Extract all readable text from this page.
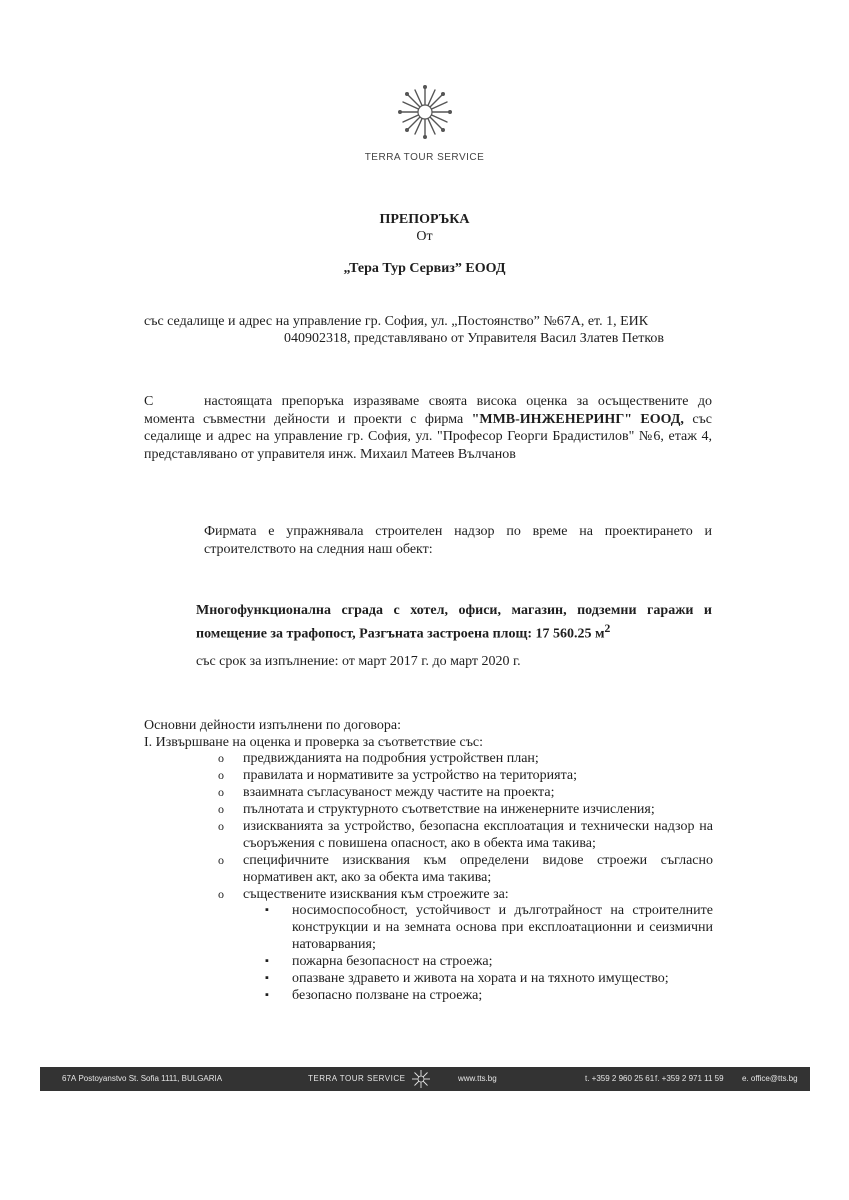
TERRA TOUR SERVICE
ПРЕПОРЪКА
От
„Тера Тур Сервиз” ЕООД
със седалище и адрес на управление гр. София, ул. „Постоянство” №67А, ет. 1, ЕИК
040902318, представлявано от Управителя Васил Златев Петков
С	настоящата препоръка изразяваме своята висока оценка за осъществените до момента съвместни дейности и проекти с фирма "ММВ-ИНЖЕНЕРИНГ" ЕООД, със седалище и адрес на управление гр. София, ул. "Професор Георги Брадистилов" №6, етаж 4, представлявано от управителя инж. Михаил Матеев Вълчанов
Фирмата е упражнявала строителен надзор по време на проектирането и строителството на следния наш обект:
Многофункционална сграда с хотел, офиси, магазин, подземни гаражи и помещение за трафопост, Разгъната застроена площ: 17 560.25 $м^2$
със срок за изпълнение: от март 2017 г. до март 2020 г.
Основни дейности изпълнени по договора:
I. Извършване на оценка и проверка за съответствие със:
o предвижданията на подробния устройствен план;
o правилата и нормативите за устройство на територията;
o взаимната съгласуваност между частите на проекта;
o пълнотата и структурното съответствие на инженерните изчисления;
o изискванията за устройство, безопасна експлоатация и технически надзор на съоръжения с повишена опасност, ако в обекта има такива;
o специфичните изисквания към определени видове строежи съгласно нормативен акт, ако за обекта има такива;
o съществените изисквания към строежите за:
▪ носимоспособност, устойчивост и дълготрайност на строителните конструкции и на земната основа при експлоатационни и сеизмични натоварвания;
▪ пожарна безопасност на строежа;
▪ опазване здравето и живота на хората и на тяхното имущество;
▪ безопасно ползване на строежа;
67А Postoyanstvo St. Sofia 1111, BULGARIA	TERRA TOUR SERVICE	www.tts.bg	t. +359 2 960 25 61 f. +359 2 971 11 59 e. office@tts.bg
